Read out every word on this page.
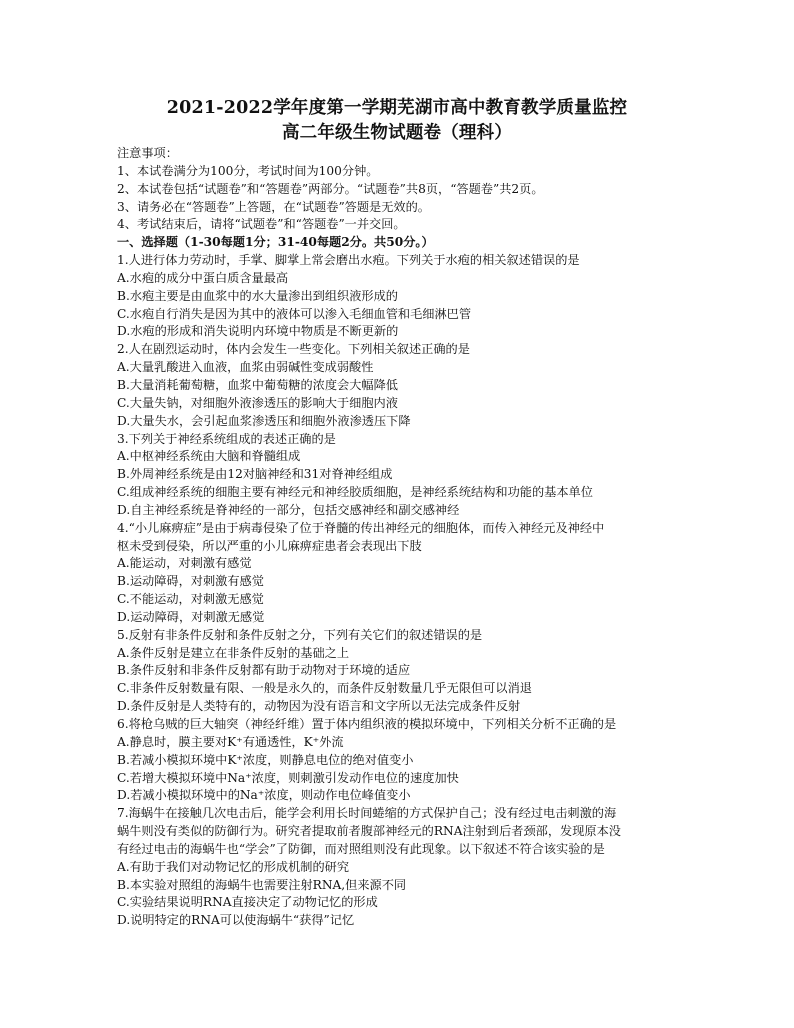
2021-2022学年度第一学期芜湖市高中教育教学质量监控
高二年级生物试题卷（理科）
注意事项：
1、本试卷满分为100分，考试时间为100分钟。
2、本试卷包括“试题卷”和“答题卷”两部分。“试题卷”共8页，“答题卷”共2页。
3、请务必在“答题卷”上答题，在“试题卷”答题是无效的。
4、考试结束后，请将“试题卷”和“答题卷”一并交回。
一、选择题（1-30每题1分；31-40每题2分。共50分。）
1.人进行体力劳动时，手掌、脚掌上常会磨出水疱。下列关于水疱的相关叙述错误的是
A.水疱的成分中蛋白质含量最高
B.水疱主要是由血浆中的水大量渗出到组织液形成的
C.水疱自行消失是因为其中的液体可以渗入毛细血管和毛细淋巴管
D.水疱的形成和消失说明内环境中物质是不断更新的
2.人在剧烈运动时，体内会发生一些变化。下列相关叙述正确的是
A.大量乳酸进入血液，血浆由弱碱性变成弱酸性
B.大量消耗葡萄糖，血浆中葡萄糖的浓度会大幅降低
C.大量失钠，对细胞外液渗透压的影响大于细胞内液
D.大量失水，会引起血浆渗透压和细胞外液渗透压下降
3.下列关于神经系统组成的表述正确的是
A.中枢神经系统由大脑和脊髓组成
B.外周神经系统是由12对脑神经和31对脊神经组成
C.组成神经系统的细胞主要有神经元和神经胶质细胞，是神经系统结构和功能的基本单位
D.自主神经系统是脊神经的一部分，包括交感神经和副交感神经
4.“小儿麻痹症”是由于病毒侵染了位于脊髓的传出神经元的细胞体，而传入神经元及神经中
枢未受到侵染，所以严重的小儿麻痹症患者会表现出下肢
A.能运动，对刺激有感觉
B.运动障碍，对刺激有感觉
C.不能运动，对刺激无感觉
D.运动障碍，对刺激无感觉
5.反射有非条件反射和条件反射之分，下列有关它们的叙述错误的是
A.条件反射是建立在非条件反射的基础之上
B.条件反射和非条件反射都有助于动物对于环境的适应
C.非条件反射数量有限、一般是永久的，而条件反射数量几乎无限但可以消退
D.条件反射是人类特有的，动物因为没有语言和文字所以无法完成条件反射
6.将枪乌贼的巨大轴突（神经纤维）置于体内组织液的模拟环境中，下列相关分析不正确的是
A.静息时，膜主要对K⁺有通透性，K⁺外流
B.若减小模拟环境中K⁺浓度，则静息电位的绝对值变小
C.若增大模拟环境中Na⁺浓度，则刺激引发动作电位的速度加快
D.若减小模拟环境中的Na⁺浓度，则动作电位峰值变小
7.海蜗牛在接触几次电击后，能学会利用长时间蜷缩的方式保护自己；没有经过电击刺激的海
蜗牛则没有类似的防御行为。研究者提取前者腹部神经元的RNA注射到后者颈部，发现原本没
有经过电击的海蜗牛也“学会”了防御，而对照组则没有此现象。以下叙述不符合该实验的是
A.有助于我们对动物记忆的形成机制的研究
B.本实验对照组的海蜗牛也需要注射RNA,但来源不同
C.实验结果说明RNA直接决定了动物记忆的形成
D.说明特定的RNA可以使海蜗牛“获得”记忆
